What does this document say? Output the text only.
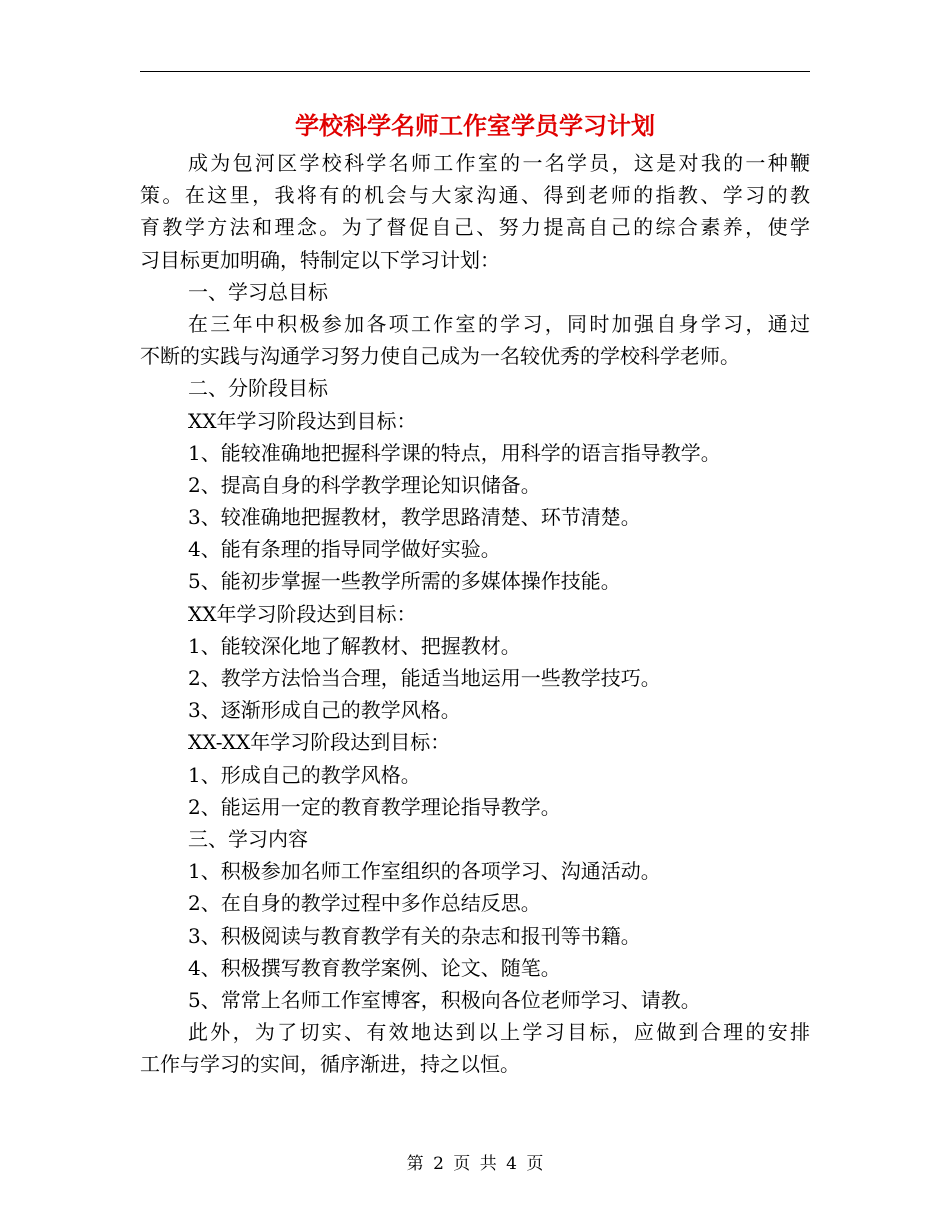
学校科学名师工作室学员学习计划
成为包河区学校科学名师工作室的一名学员，这是对我的一种鞭
策。在这里，我将有的机会与大家沟通、得到老师的指教、学习的教
育教学方法和理念。为了督促自己、努力提高自己的综合素养，使学
习目标更加明确，特制定以下学习计划：
一、学习总目标
在三年中积极参加各项工作室的学习，同时加强自身学习，通过
不断的实践与沟通学习努力使自己成为一名较优秀的学校科学老师。
二、分阶段目标
XX年学习阶段达到目标：
1、能较准确地把握科学课的特点，用科学的语言指导教学。
2、提高自身的科学教学理论知识储备。
3、较准确地把握教材，教学思路清楚、环节清楚。
4、能有条理的指导同学做好实验。
5、能初步掌握一些教学所需的多媒体操作技能。
XX年学习阶段达到目标：
1、能较深化地了解教材、把握教材。
2、教学方法恰当合理，能适当地运用一些教学技巧。
3、逐渐形成自己的教学风格。
XX-XX年学习阶段达到目标：
1、形成自己的教学风格。
2、能运用一定的教育教学理论指导教学。
三、学习内容
1、积极参加名师工作室组织的各项学习、沟通活动。
2、在自身的教学过程中多作总结反思。
3、积极阅读与教育教学有关的杂志和报刊等书籍。
4、积极撰写教育教学案例、论文、随笔。
5、常常上名师工作室博客，积极向各位老师学习、请教。
此外，为了切实、有效地达到以上学习目标，应做到合理的安排
工作与学习的实间，循序渐进，持之以恒。
第 2 页 共 4 页
